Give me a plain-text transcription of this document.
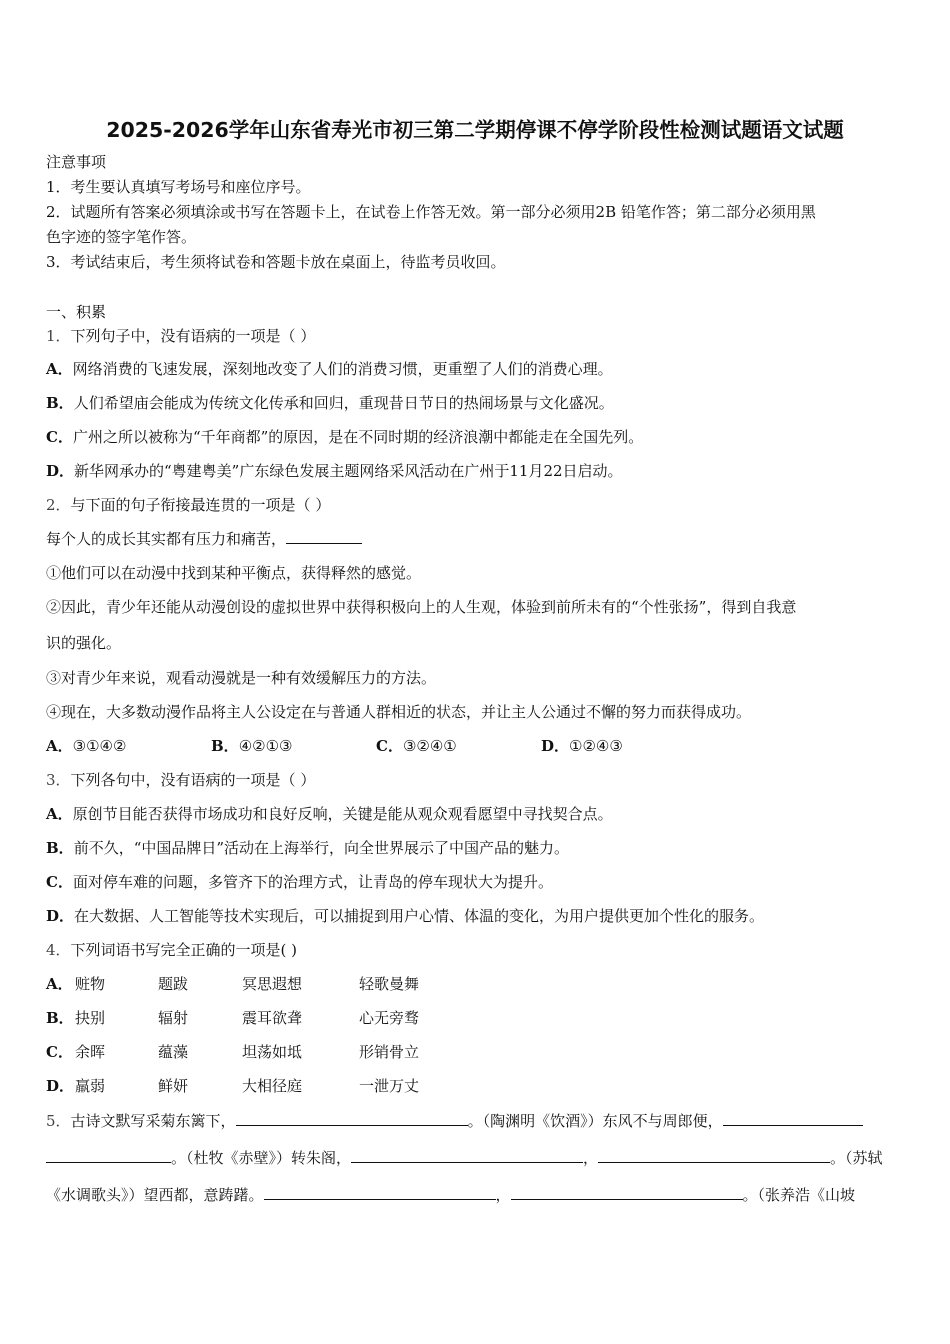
2025-2026学年山东省寿光市初三第二学期停课不停学阶段性检测试题语文试题
注意事项
1．考生要认真填写考场号和座位序号。
2．试题所有答案必须填涂或书写在答题卡上，在试卷上作答无效。第一部分必须用2B 铅笔作答；第二部分必须用黑
色字迹的签字笔作答。
3．考试结束后，考生须将试卷和答题卡放在桌面上，待监考员收回。
一、积累
1．下列句子中，没有语病的一项是（ ）
A．网络消费的飞速发展，深刻地改变了人们的消费习惯，更重塑了人们的消费心理。
B．人们希望庙会能成为传统文化传承和回归，重现昔日节日的热闹场景与文化盛况。
C．广州之所以被称为“千年商都”的原因，是在不同时期的经济浪潮中都能走在全国先列。
D．新华网承办的“粤建粤美”广东绿色发展主题网络采风活动在广州于11月22日启动。
2．与下面的句子衔接最连贯的一项是（ ）
每个人的成长其实都有压力和痛苦，
①他们可以在动漫中找到某种平衡点，获得释然的感觉。
②因此，青少年还能从动漫创设的虚拟世界中获得积极向上的人生观，体验到前所未有的“个性张扬”，得到自我意
识的强化。
③对青少年来说，观看动漫就是一种有效缓解压力的方法。
④现在，大多数动漫作品将主人公设定在与普通人群相近的状态，并让主人公通过不懈的努力而获得成功。
A．③①④②	B．④②①③	C．③②④①	D．①②④③
3．下列各句中，没有语病的一项是（ ）
A．原创节目能否获得市场成功和良好反响，关键是能从观众观看愿望中寻找契合点。
B．前不久，“中国品牌日”活动在上海举行，向全世界展示了中国产品的魅力。
C．面对停车难的问题，多管齐下的治理方式，让青岛的停车现状大为提升。
D．在大数据、人工智能等技术实现后，可以捕捉到用户心情、体温的变化，为用户提供更加个性化的服务。
4．下列词语书写完全正确的一项是( )
A． 赃物	题跋	冥思遐想	轻歌曼舞
B． 抉别	辐射	震耳欲聋	心无旁骛
C． 余晖	蕴藻	坦荡如坻	形销骨立
D． 羸弱	鲜妍	大相径庭	一泄万丈
5．古诗文默写采菊东篱下，	。（陶渊明《饮酒》）东风不与周郎便，
。（杜牧《赤壁》）转朱阁，	，	。（苏轼
《水调歌头》）望西都，意踌躇。	，	。（张养浩《山坡
